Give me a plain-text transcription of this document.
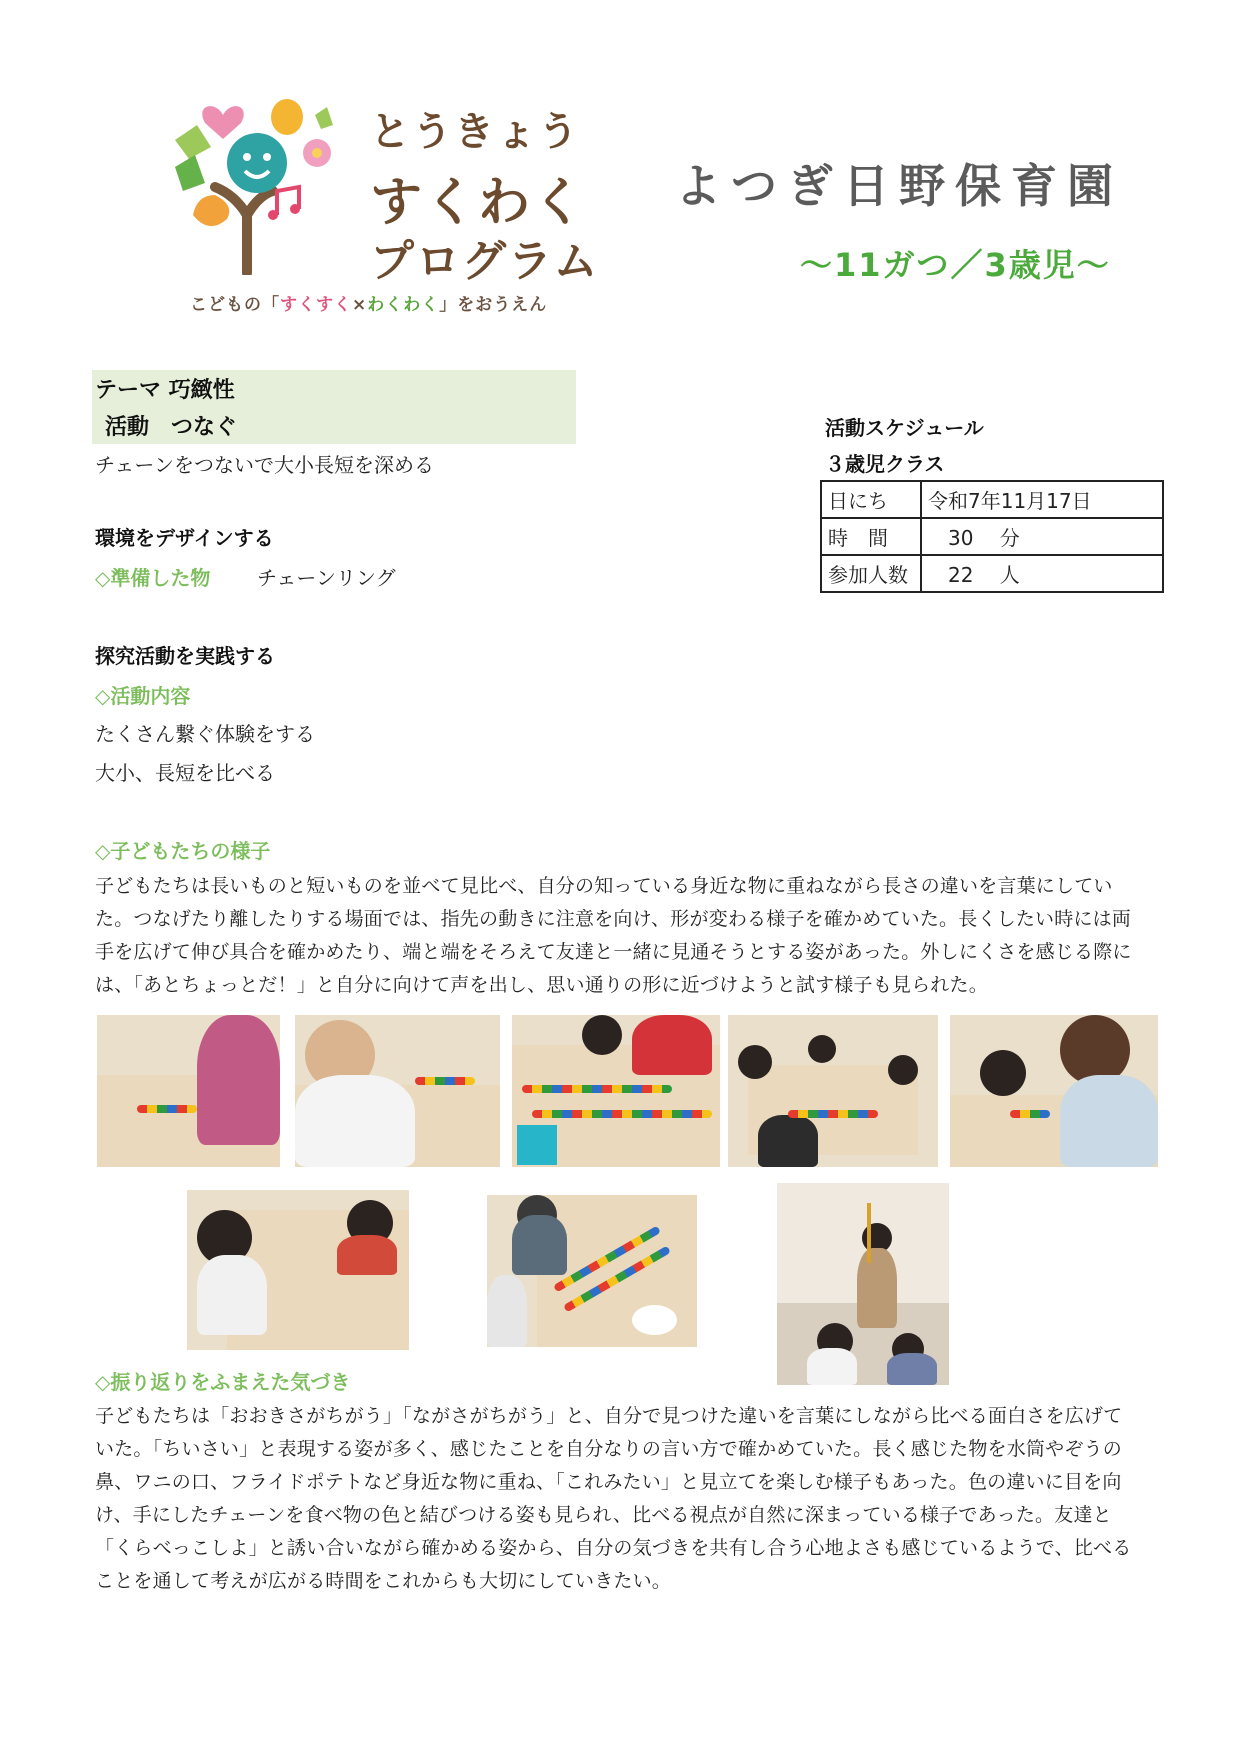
とうきょう
すくわく
プログラム
こどもの「すくすく×わくわく」をおうえん
よつぎ日野保育園
～11ガつ／3歳児～
テーマ 巧緻性
活動　つなぐ
チェーンをつないで大小長短を深める
環境をデザインする
◇準備した物 チェーンリング
探究活動を実践する
◇活動内容
たくさん繋ぐ体験をする
大小、長短を比べる
活動スケジュール
３歳児クラス
日にち	令和7年11月17日
時　間	　30　 分
参加人数	　22　 人
◇子どもたちの様子
子どもたちは長いものと短いものを並べて見比べ、自分の知っている身近な物に重ねながら長さの違いを言葉にしてい
た。つなげたり離したりする場面では、指先の動きに注意を向け、形が変わる様子を確かめていた。長くしたい時には両
手を広げて伸び具合を確かめたり、端と端をそろえて友達と一緒に見通そうとする姿があった。外しにくさを感じる際に
は、「あとちょっとだ！」と自分に向けて声を出し、思い通りの形に近づけようと試す様子も見られた。
◇振り返りをふまえた気づき
子どもたちは「おおきさがちがう」「ながさがちがう」と、自分で見つけた違いを言葉にしながら比べる面白さを広げて
いた。「ちいさい」と表現する姿が多く、感じたことを自分なりの言い方で確かめていた。長く感じた物を水筒やぞうの
鼻、ワニの口、フライドポテトなど身近な物に重ね、「これみたい」と見立てを楽しむ様子もあった。色の違いに目を向
け、手にしたチェーンを食べ物の色と結びつける姿も見られ、比べる視点が自然に深まっている様子であった。友達と
「くらべっこしよ」と誘い合いながら確かめる姿から、自分の気づきを共有し合う心地よさも感じているようで、比べる
ことを通して考えが広がる時間をこれからも大切にしていきたい。
